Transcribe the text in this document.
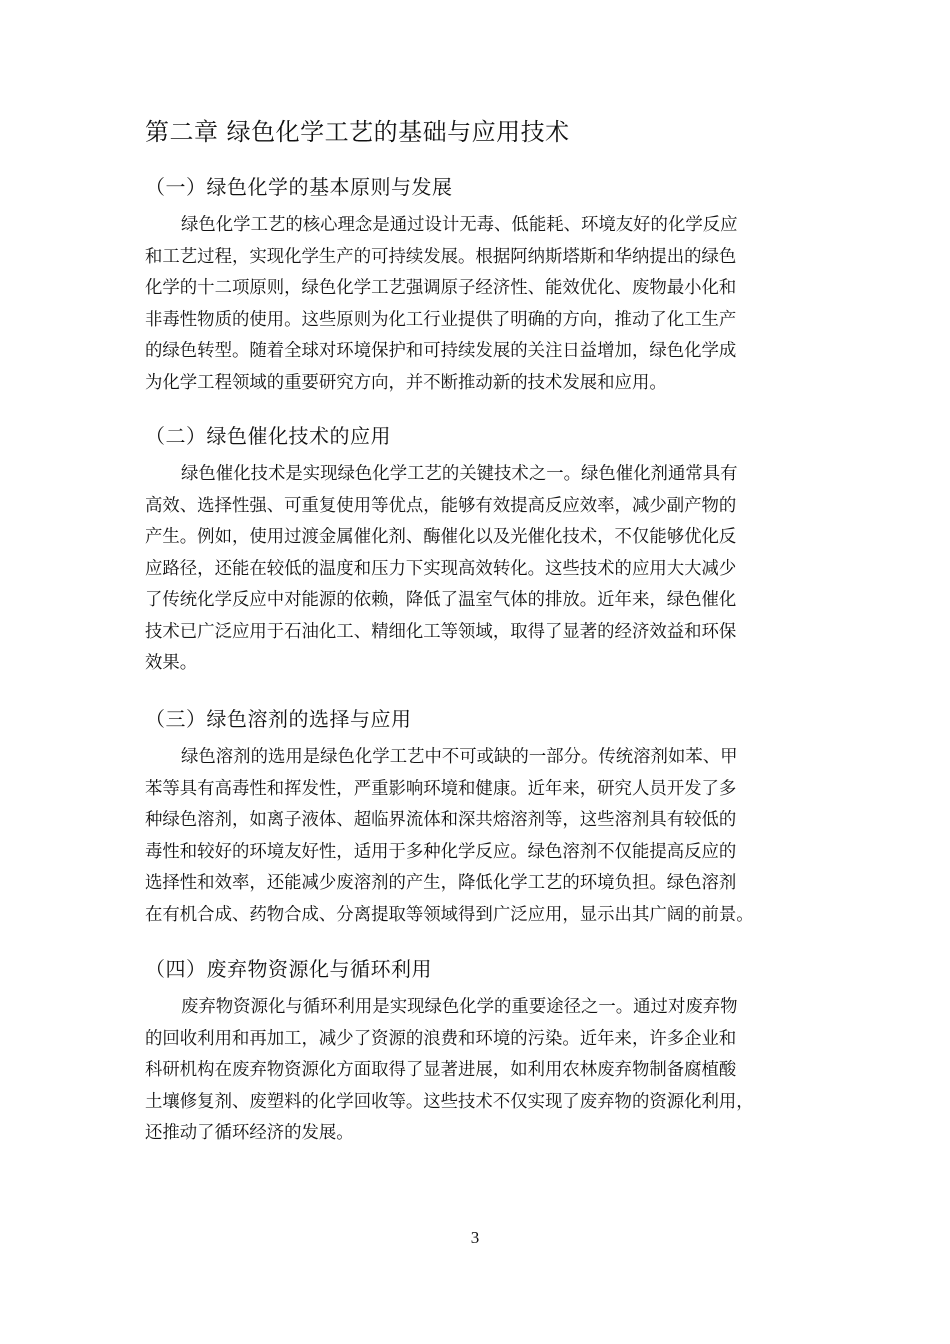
第二章 绿色化学工艺的基础与应用技术
（一）绿色化学的基本原则与发展

绿色化学工艺的核心理念是通过设计无毒、低能耗、环境友好的化学反应
和工艺过程，实现化学生产的可持续发展。根据阿纳斯塔斯和华纳提出的绿色
化学的十二项原则，绿色化学工艺强调原子经济性、能效优化、废物最小化和
非毒性物质的使用。这些原则为化工行业提供了明确的方向，推动了化工生产
的绿色转型。随着全球对环境保护和可持续发展的关注日益增加，绿色化学成
为化学工程领域的重要研究方向，并不断推动新的技术发展和应用。

（二）绿色催化技术的应用

绿色催化技术是实现绿色化学工艺的关键技术之一。绿色催化剂通常具有
高效、选择性强、可重复使用等优点，能够有效提高反应效率，减少副产物的
产生。例如，使用过渡金属催化剂、酶催化以及光催化技术，不仅能够优化反
应路径，还能在较低的温度和压力下实现高效转化。这些技术的应用大大减少
了传统化学反应中对能源的依赖，降低了温室气体的排放。近年来，绿色催化
技术已广泛应用于石油化工、精细化工等领域，取得了显著的经济效益和环保
效果。

（三）绿色溶剂的选择与应用

绿色溶剂的选用是绿色化学工艺中不可或缺的一部分。传统溶剂如苯、甲
苯等具有高毒性和挥发性，严重影响环境和健康。近年来，研究人员开发了多
种绿色溶剂，如离子液体、超临界流体和深共熔溶剂等，这些溶剂具有较低的
毒性和较好的环境友好性，适用于多种化学反应。绿色溶剂不仅能提高反应的
选择性和效率，还能减少废溶剂的产生，降低化学工艺的环境负担。绿色溶剂
在有机合成、药物合成、分离提取等领域得到广泛应用，显示出其广阔的前景。

（四）废弃物资源化与循环利用

废弃物资源化与循环利用是实现绿色化学的重要途径之一。通过对废弃物
的回收利用和再加工，减少了资源的浪费和环境的污染。近年来，许多企业和
科研机构在废弃物资源化方面取得了显著进展，如利用农林废弃物制备腐植酸
土壤修复剂、废塑料的化学回收等。这些技术不仅实现了废弃物的资源化利用，
还推动了循环经济的发展。

3
